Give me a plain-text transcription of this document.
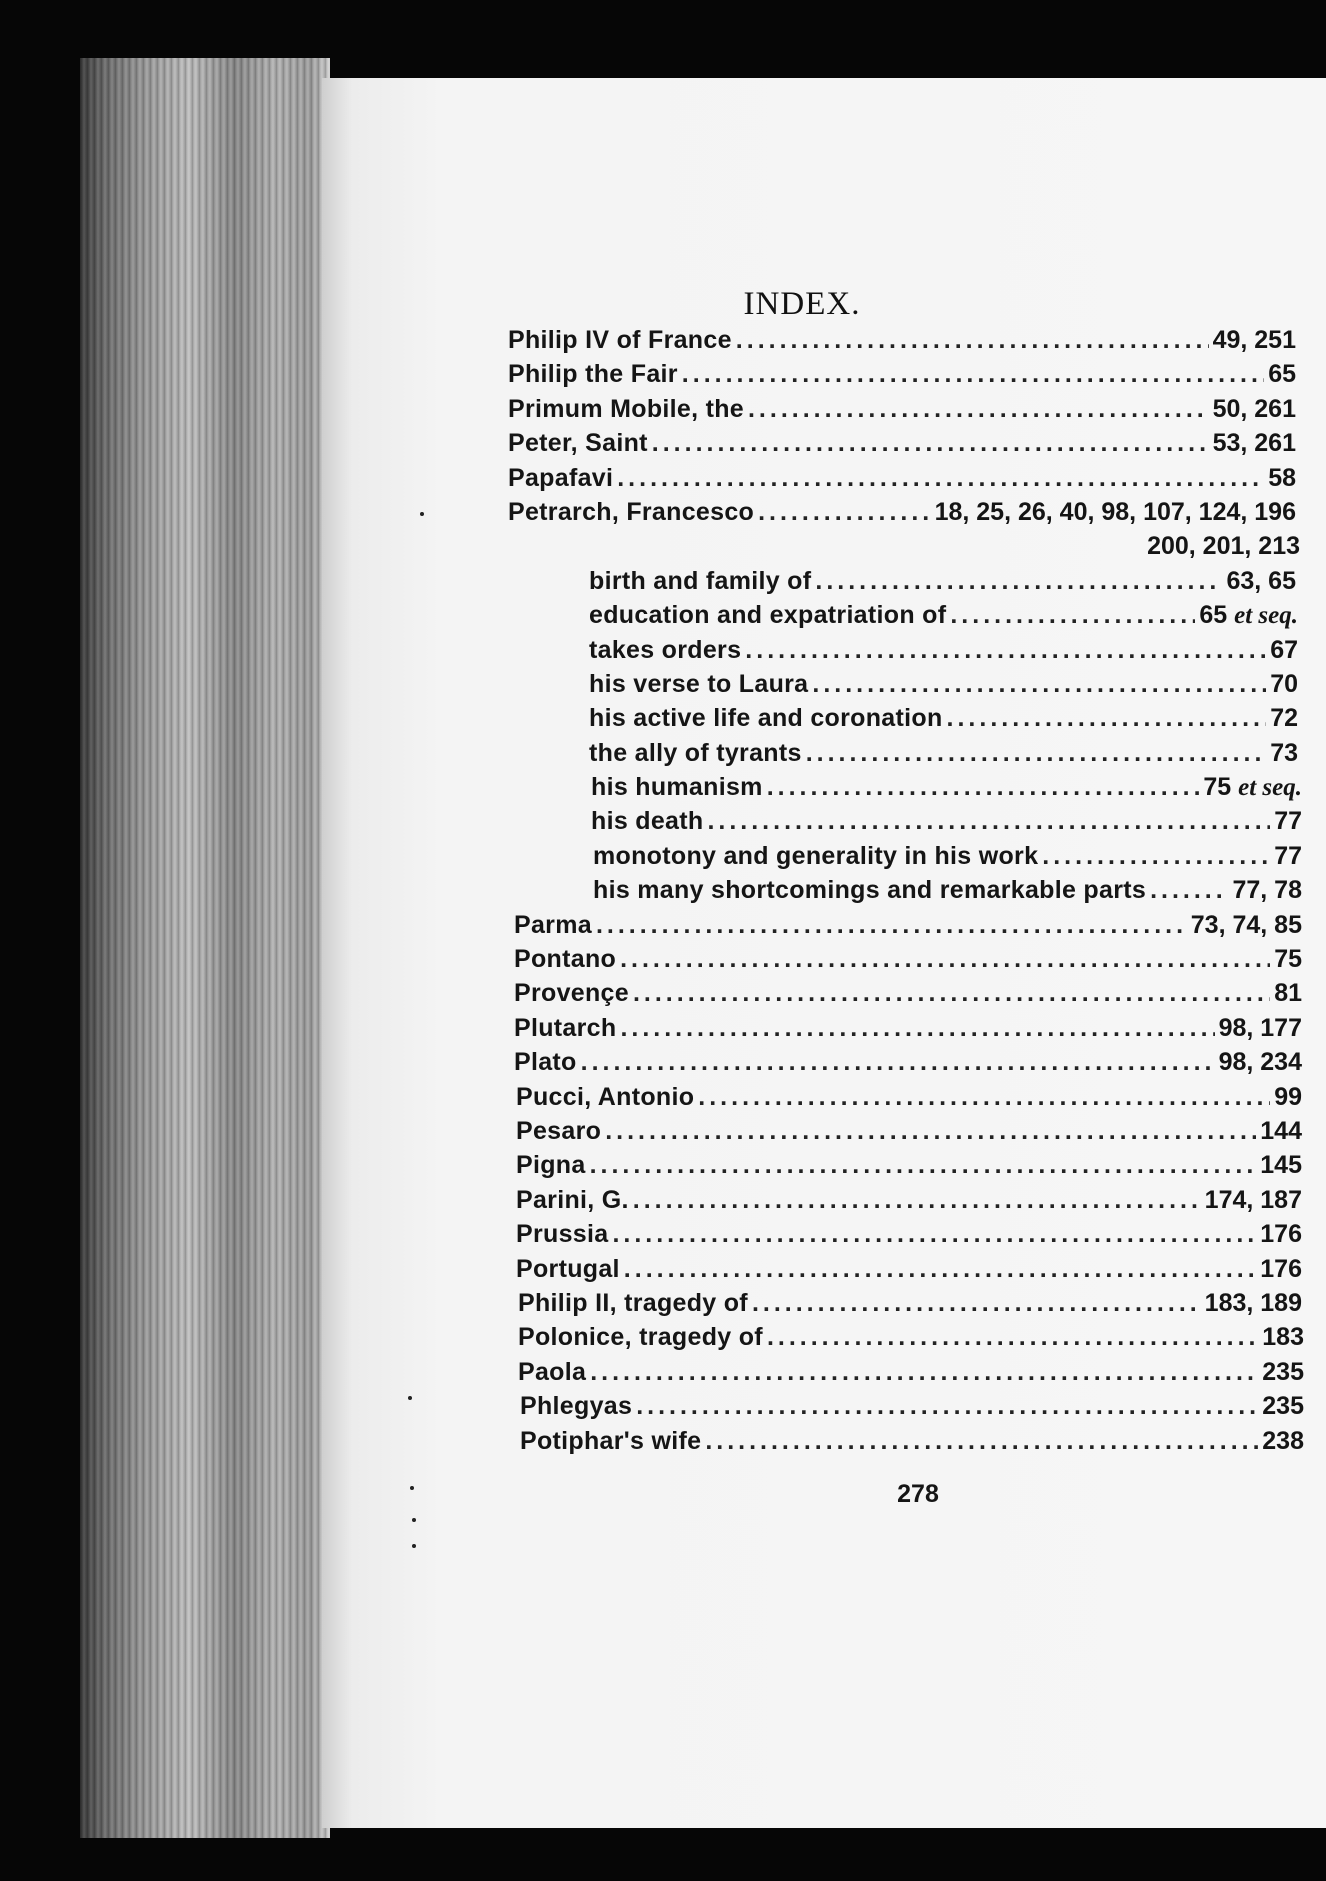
INDEX.
Philip IV of France .....	49, 251
Philip the Fair .....	65
Primum Mobile, the .....	50, 261
Peter, Saint .....	53, 261
Papafavi .....	58
Petrarch, Francesco .....	18, 25, 26, 40, 98, 107, 124, 196
200, 201, 213
birth and family of .....	63, 65
education and expatriation of .....	65 et seq.
takes orders .....	67
his verse to Laura .....	70
his active life and coronation .....	72
the ally of tyrants .....	73
his humanism .....	75 et seq.
his death .....	77
monotony and generality in his work .....	77
his many shortcomings and remarkable parts .....	77, 78
Parma .....	73, 74, 85
Pontano .....	75
Provençe .....	81
Plutarch .....	98, 177
Plato .....	98, 234
Pucci, Antonio .....	99
Pesaro .....	144
Pigna .....	145
Parini, G. .....	174, 187
Prussia .....	176
Portugal .....	176
Philip II, tragedy of .....	183, 189
Polonice, tragedy of .....	183
Paola .....	235
Phlegyas .....	235
Potiphar's wife .....	238
278
